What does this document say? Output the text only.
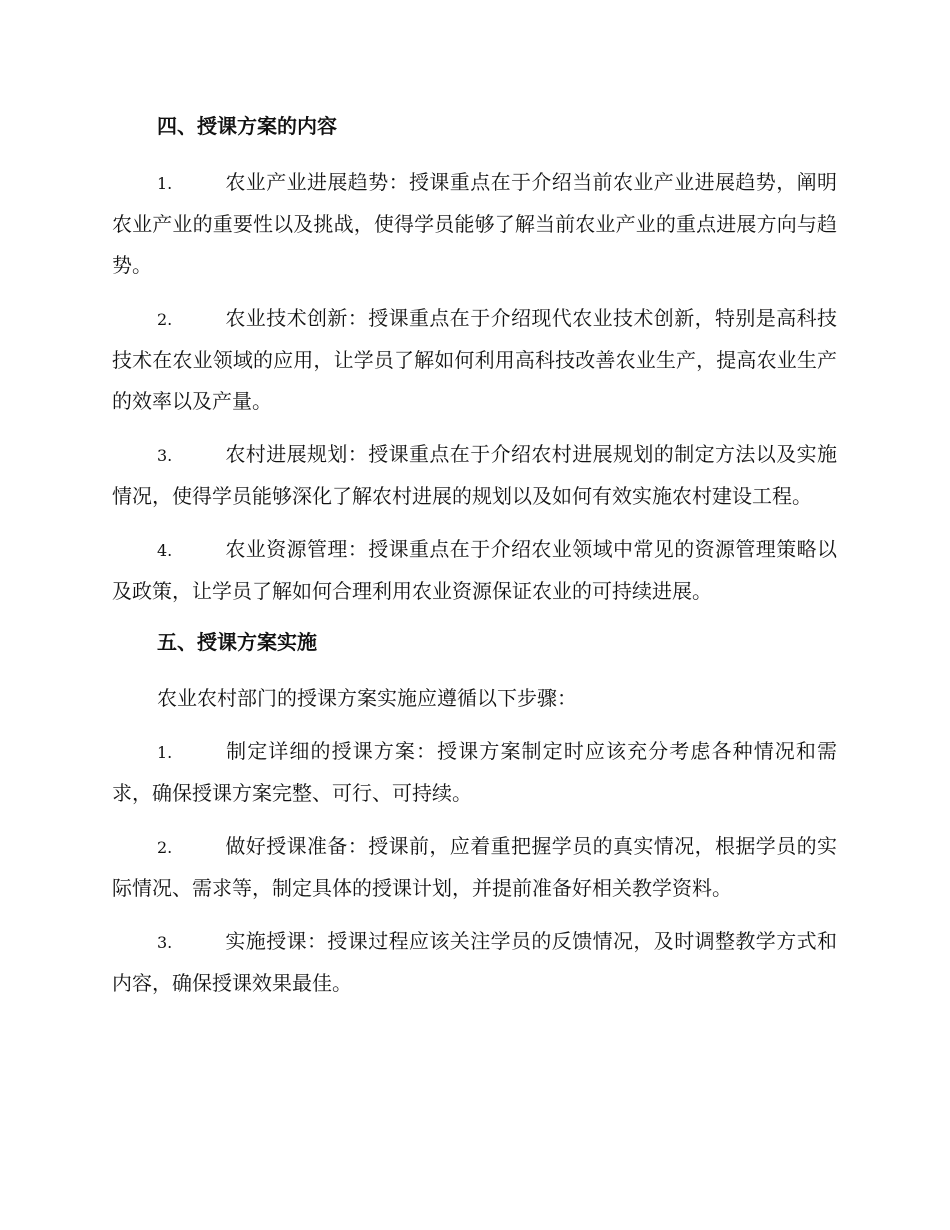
四、授课方案的内容

1.	农业产业进展趋势：授课重点在于介绍当前农业产业进展趋势，阐明农业产业的重要性以及挑战，使得学员能够了解当前农业产业的重点进展方向与趋势。

2.	农业技术创新：授课重点在于介绍现代农业技术创新，特别是高科技技术在农业领域的应用，让学员了解如何利用高科技改善农业生产，提高农业生产的效率以及产量。

3.	农村进展规划：授课重点在于介绍农村进展规划的制定方法以及实施情况，使得学员能够深化了解农村进展的规划以及如何有效实施农村建设工程。

4.	农业资源管理：授课重点在于介绍农业领域中常见的资源管理策略以及政策，让学员了解如何合理利用农业资源保证农业的可持续进展。

五、授课方案实施

农业农村部门的授课方案实施应遵循以下步骤：

1.	制定详细的授课方案：授课方案制定时应该充分考虑各种情况和需求，确保授课方案完整、可行、可持续。

2.	做好授课准备：授课前，应着重把握学员的真实情况，根据学员的实际情况、需求等，制定具体的授课计划，并提前准备好相关教学资料。

3.	实施授课：授课过程应该关注学员的反馈情况，及时调整教学方式和内容，确保授课效果最佳。
